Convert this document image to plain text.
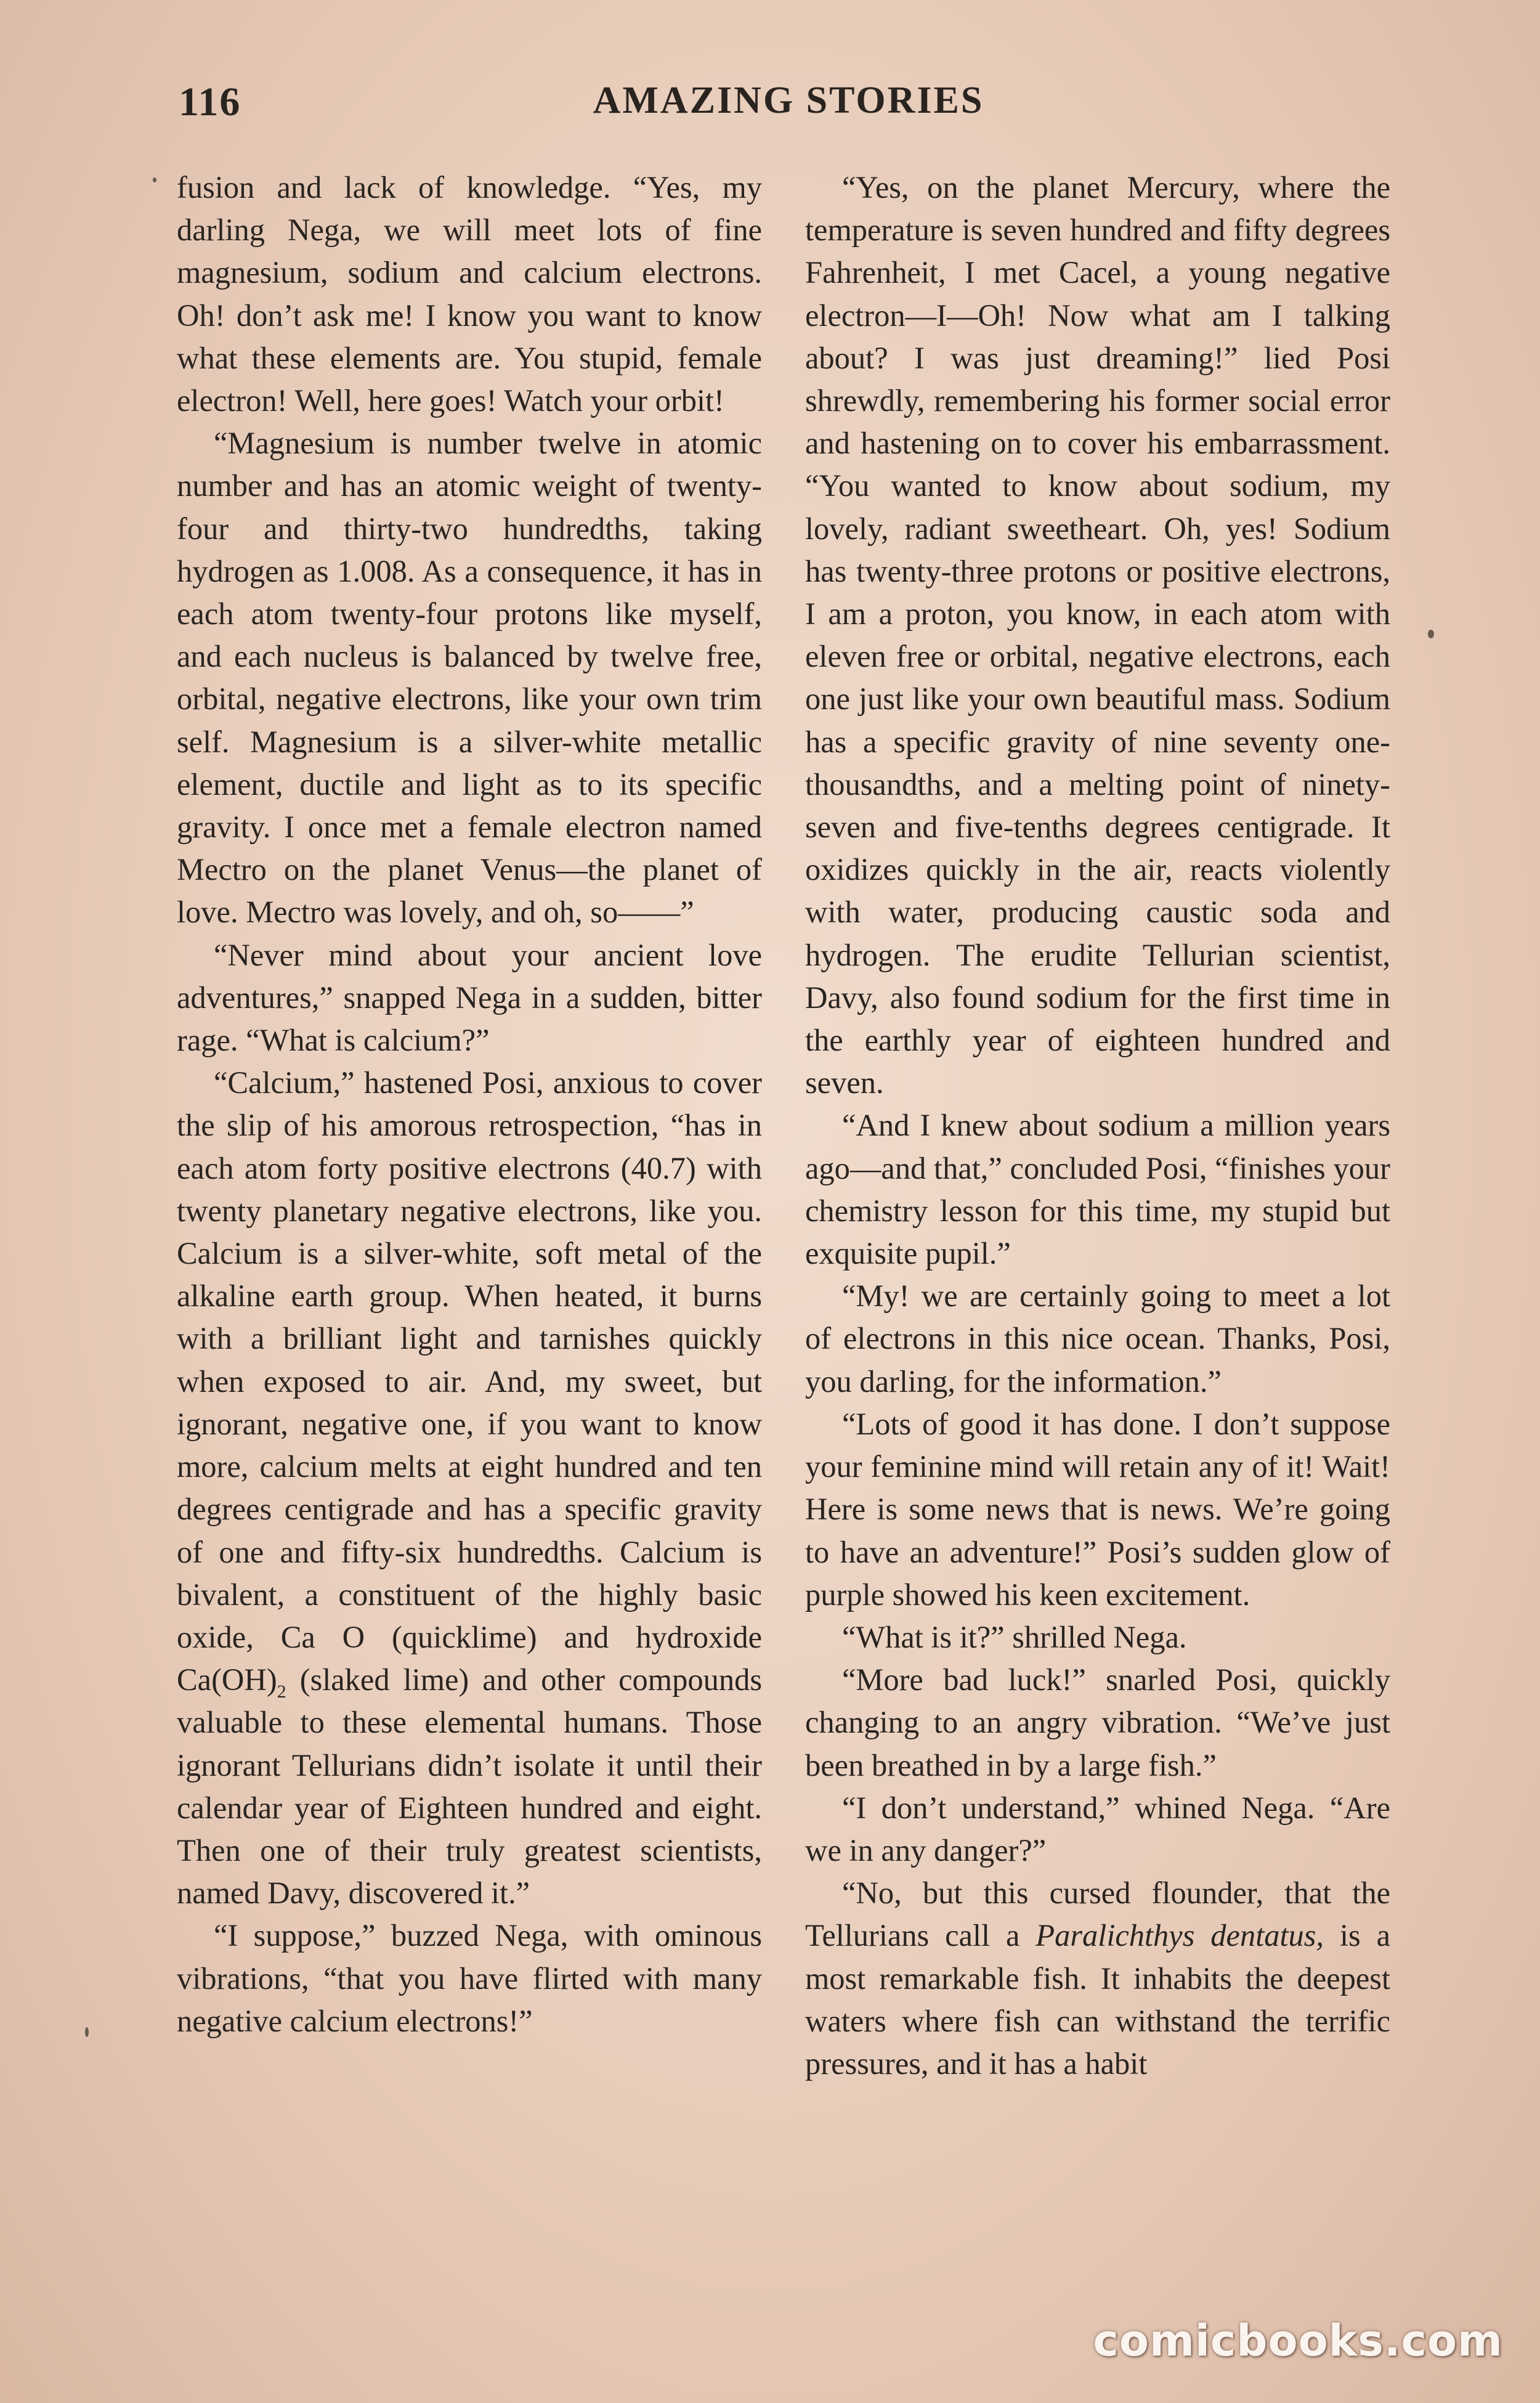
116	AMAZING STORIES

fusion and lack of knowledge. “Yes, my darling Nega, we will meet lots of fine magnesium, sodium and calcium electrons. Oh! don’t ask me! I know you want to know what these elements are. You stupid, female electron! Well, here goes! Watch your orbit!

“Magnesium is number twelve in atomic number and has an atomic weight of twenty-four and thirty-two hundredths, taking hydrogen as 1.008. As a consequence, it has in each atom twenty-four protons like myself, and each nucleus is balanced by twelve free, orbital, negative electrons, like your own trim self. Magnesium is a silver-white metallic element, ductile and light as to its specific gravity. I once met a female electron named Mectro on the planet Venus—the planet of love. Mectro was lovely, and oh, so——”

“Never mind about your ancient love adventures,” snapped Nega in a sudden, bitter rage. “What is calcium?”

“Calcium,” hastened Posi, anxious to cover the slip of his amorous retrospection, “has in each atom forty positive electrons (40.7) with twenty planetary negative electrons, like you. Calcium is a silver-white, soft metal of the alkaline earth group. When heated, it burns with a brilliant light and tarnishes quickly when exposed to air. And, my sweet, but ignorant, negative one, if you want to know more, calcium melts at eight hundred and ten degrees centigrade and has a specific gravity of one and fifty-six hundredths. Calcium is bivalent, a constituent of the highly basic oxide, Ca O (quicklime) and hydroxide $Ca(OH)_2$ (slaked lime) and other compounds valuable to these elemental humans. Those ignorant Tellurians didn’t isolate it until their calendar year of Eighteen hundred and eight. Then one of their truly greatest scientists, named Davy, discovered it.”

“I suppose,” buzzed Nega, with ominous vibrations, “that you have flirted with many negative calcium electrons!”

“Yes, on the planet Mercury, where the temperature is seven hundred and fifty degrees Fahrenheit, I met Cacel, a young negative electron—I—Oh! Now what am I talking about? I was just dreaming!” lied Posi shrewdly, remembering his former social error and hastening on to cover his embarrassment. “You wanted to know about sodium, my lovely, radiant sweetheart. Oh, yes! Sodium has twenty-three protons or positive electrons, I am a proton, you know, in each atom with eleven free or orbital, negative electrons, each one just like your own beautiful mass. Sodium has a specific gravity of nine seventy one-thousandths, and a melting point of ninety-seven and five-tenths degrees centigrade. It oxidizes quickly in the air, reacts violently with water, producing caustic soda and hydrogen. The erudite Tellurian scientist, Davy, also found sodium for the first time in the earthly year of eighteen hundred and seven.

“And I knew about sodium a million years ago—and that,” concluded Posi, “finishes your chemistry lesson for this time, my stupid but exquisite pupil.”

“My! we are certainly going to meet a lot of electrons in this nice ocean. Thanks, Posi, you darling, for the information.”

“Lots of good it has done. I don’t suppose your feminine mind will retain any of it! Wait! Here is some news that is news. We’re going to have an adventure!” Posi’s sudden glow of purple showed his keen excitement.

“What is it?” shrilled Nega.

“More bad luck!” snarled Posi, quickly changing to an angry vibration. “We’ve just been breathed in by a large fish.”

“I don’t understand,” whined Nega. “Are we in any danger?”

“No, but this cursed flounder, that the Tellurians call a Paralichthys dentatus, is a most remarkable fish. It inhabits the deepest waters where fish can withstand the terrific pressures, and it has a habit

comicbooks.com
